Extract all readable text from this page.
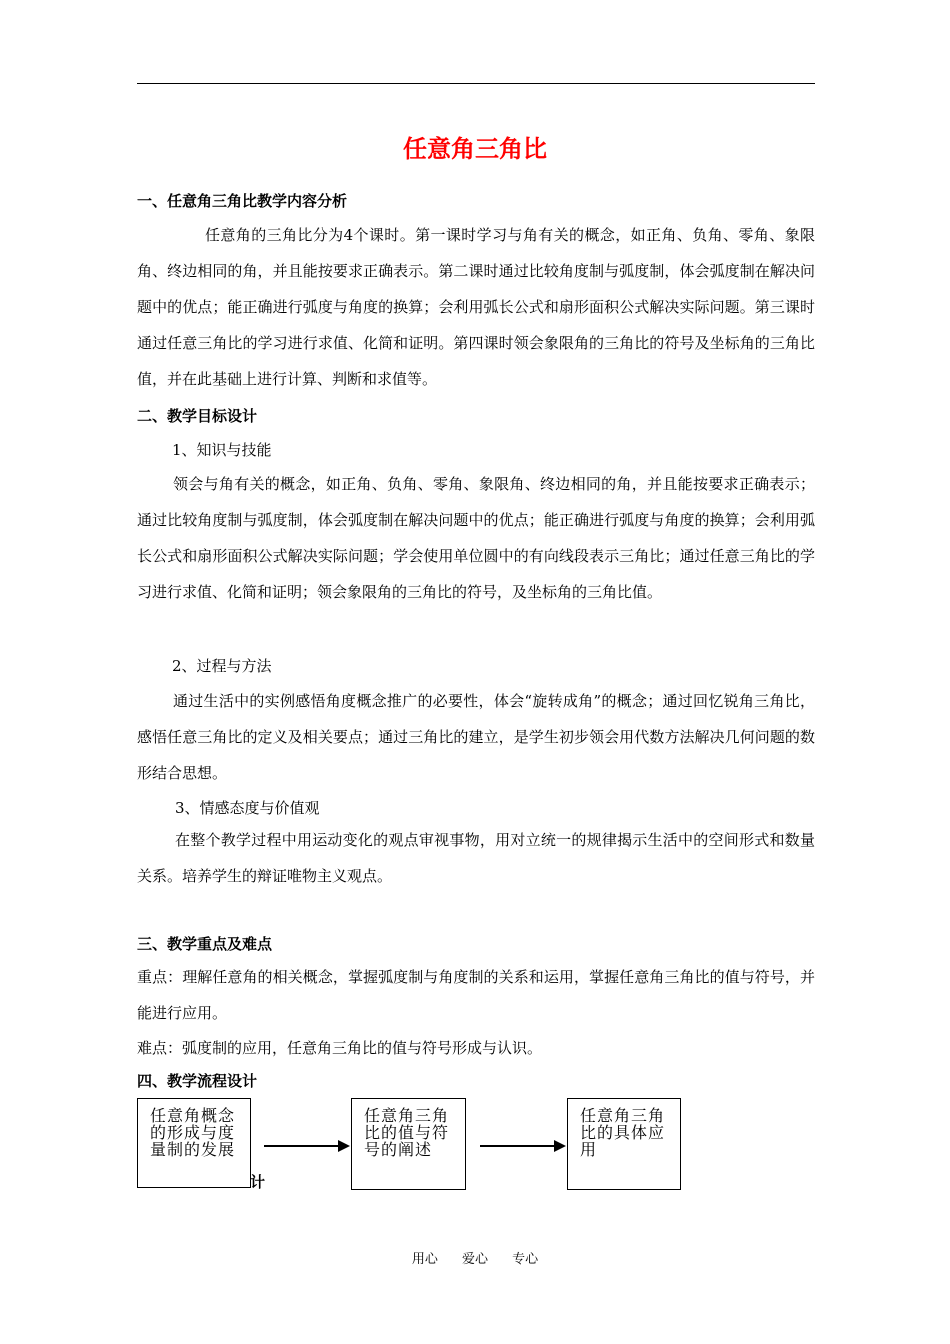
任意角三角比
一、任意角三角比教学内容分析

任意角的三角比分为4个课时。第一课时学习与角有关的概念，如正角、负角、零角、象限角、终边相同的角，并且能按要求正确表示。第二课时通过比较角度制与弧度制，体会弧度制在解决问题中的优点；能正确进行弧度与角度的换算；会利用弧长公式和扇形面积公式解决实际问题。第三课时通过任意三角比的学习进行求值、化简和证明。第四课时领会象限角的三角比的符号及坐标角的三角比值，并在此基础上进行计算、判断和求值等。

二、教学目标设计
1、知识与技能

领会与角有关的概念，如正角、负角、零角、象限角、终边相同的角，并且能按要求正确表示；通过比较角度制与弧度制，体会弧度制在解决问题中的优点；能正确进行弧度与角度的换算；会利用弧长公式和扇形面积公式解决实际问题；学会使用单位圆中的有向线段表示三角比；通过任意三角比的学习进行求值、化简和证明；领会象限角的三角比的符号，及坐标角的三角比值。

2、过程与方法

通过生活中的实例感悟角度概念推广的必要性，体会“旋转成角”的概念；通过回忆锐角三角比，感悟任意三角比的定义及相关要点；通过三角比的建立，是学生初步领会用代数方法解决几何问题的数形结合思想。

3、情感态度与价值观

在整个教学过程中用运动变化的观点审视事物，用对立统一的规律揭示生活中的空间形式和数量关系。培养学生的辩证唯物主义观点。

三、教学重点及难点

重点：理解任意角的相关概念，掌握弧度制与角度制的关系和运用，掌握任意角三角比的值与符号，并能进行应用。

难点：弧度制的应用，任意角三角比的值与符号形成与认识。

四、教学流程设计
任意角概念的形成与度量制的发展
任意角三角比的值与符号的阐述
任意角三角比的具体应用
计
用心 爱心 专心
